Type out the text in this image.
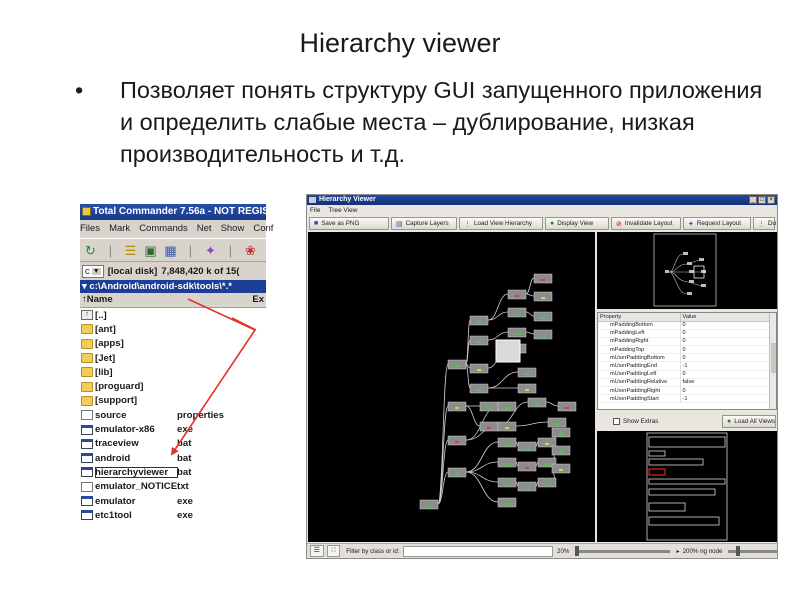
Hierarchy viewer
• Позволяет понять структуру GUI запущенного приложения и определить слабые места – дублирование, низкая производительность и т.д.
Total Commander 7.56a - NOT REGIS
Files Mark Commands Net Show Conf
↻ | ☰ ▣ ▦ | ✦ | ❀
c ▼ [local disk] 7,848,420 k of 15(
▾ c:\Android\android-sdk\tools\*.*
↑Name	Ex
↑ [..]
[ant]
[apps]
[Jet]
[lib]
[proguard]
[support]
source	properties
emulator-x86	exe
traceview	bat
android	bat
hierarchyviewer bat
emulator_NOTICE txt
emulator	exe
etc1tool	exe
Hierarchy Viewer	_ □ ×
File Tree View
■ Save as PNG	▤ Capture Layers ⋮ Load View Hierarchy	● Display View	⊘ Invalidate Layout ✦ Request Layout ⋮ Du
Property	Value
mPaddingBottom	0
mPaddingLeft	0
mPaddingRight	0
mPaddingTop	0
mUserPaddingBottom	0
mUserPaddingEnd	-1
mUserPaddingLeft	0
mUserPaddingRelative	false
mUserPaddingRight	0
mUserPaddingStart	-1
Show Extras	● Load All Views
☰	∷	Filter by class or id:	20%	▸ 200% ng node
